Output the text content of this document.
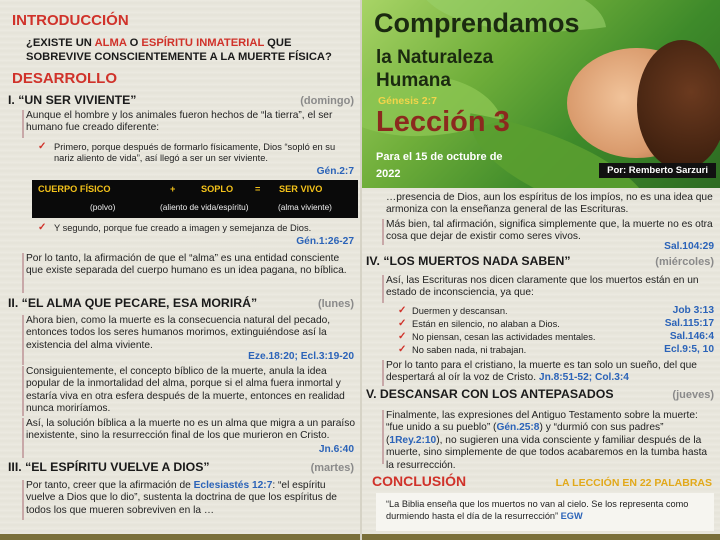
INTRODUCCIÓN
¿EXISTE UN ALMA O ESPÍRITU INMATERIAL QUE SOBREVIVE CONSCIENTEMENTE A LA MUERTE FÍSICA?
DESARROLLO
I. “UN SER VIVIENTE”	(domingo)
Aunque el hombre y los animales fueron hechos de “la tierra”, el ser humano fue creado diferente:
✓ Primero, porque después de formarlo físicamente, Dios “sopló en su nariz aliento de vida”, así llegó a ser un ser viviente.
Gén.2:7
CUERPO FÍSICO	+	SOPLO = SER VIVO
(polvo)	(aliento de vida/espíritu)	(alma viviente)
✓ Y segundo, porque fue creado a imagen y semejanza de Dios.
Gén.1:26-27
Por lo tanto, la afirmación de que el “alma” es una entidad consciente que existe separada del cuerpo humano es un idea pagana, no bíblica.
II. “EL ALMA QUE PECARE, ESA MORIRÁ”	(lunes)
Ahora bien, como la muerte es la consecuencia natural del pecado, entonces todos los seres humanos morimos, extinguiéndose así la existencia del alma viviente.
Eze.18:20; Ecl.3:19-20
Consiguientemente, el concepto bíblico de la muerte, anula la idea popular de la inmortalidad del alma, porque si el alma fuera inmortal y estaría viva en otra esfera después de la muerte, entonces en realidad nunca moriríamos.
Así, la solución bíblica a la muerte no es un alma que migra a un paraíso inexistente, sino la resurrección final de los que murieron en Cristo.
Jn.6:40
III. “EL ESPÍRITU VUELVE A DIOS”	(martes)
Por tanto, creer que la afirmación de Eclesiastés 12:7: “el espíritu vuelve a Dios que lo dio”, sustenta la doctrina de que los espíritus de todos los que mueren sobreviven en la …
Comprendamos
la Naturaleza
Humana
Génesis 2:7
Lección 3
Para el 15 de octubre de
2022	Por: Remberto Sarzuri
…presencia de Dios, aun los espíritus de los impíos, no es una idea que armoniza con la enseñanza general de las Escrituras.
Más bien, tal afirmación, significa simplemente que, la muerte no es otra cosa que dejar de existir como seres vivos.
Sal.104:29
IV. “LOS MUERTOS NADA SABEN”	(miércoles)
Así, las Escrituras nos dicen claramente que los muertos están en un estado de inconsciencia, ya que:
✓ Duermen y descansan.	Job 3:13
✓ Están en silencio, no alaban a Dios.	Sal.115:17
✓ No piensan, cesan las actividades mentales.	Sal.146:4
✓ No saben nada, ni trabajan.	Ecl.9:5, 10
Por lo tanto para el cristiano, la muerte es tan solo un sueño, del que despertará al oír la voz de Cristo. Jn.8:51-52; Col.3:4
V. DESCANSAR CON LOS ANTEPASADOS	(jueves)
Finalmente, las expresiones del Antiguo Testamento sobre la muerte: “fue unido a su pueblo” (Gén.25:8) y “durmió con sus padres” (1Rey.2:10), no sugieren una vida consciente y familiar después de la muerte, sino simplemente de que todos acabaremos en la tumba hasta la resurrección.
CONCLUSIÓN	LA LECCIÓN EN 22 PALABRAS
“La Biblia enseña que los muertos no van al cielo. Se los representa como durmiendo hasta el día de la resurrección” EGW
